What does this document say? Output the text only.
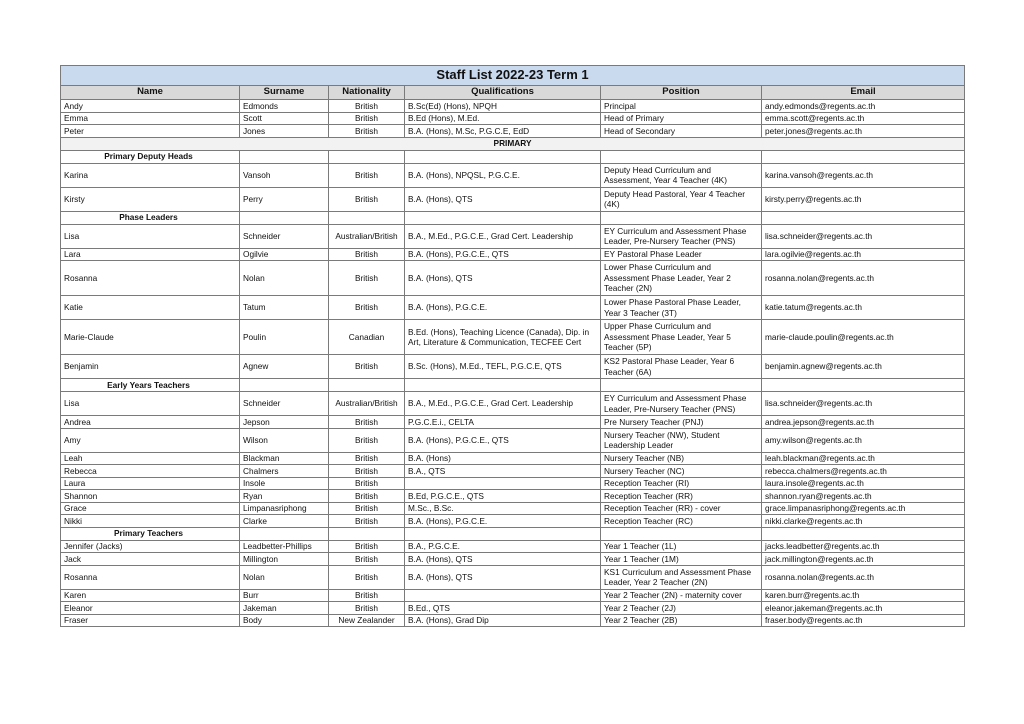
Staff List 2022-23 Term 1					
Name	Surname	Nationality	Qualifications	Position	Email
Andy	Edmonds	British	B.Sc(Ed) (Hons), NPQH	Principal	andy.edmonds@regents.ac.th
Emma	Scott	British	B.Ed (Hons), M.Ed.	Head of Primary	emma.scott@regents.ac.th
Peter	Jones	British	B.A. (Hons), M.Sc, P.G.C.E, EdD	Head of Secondary	peter.jones@regents.ac.th
PRIMARY					
Primary Deputy Heads					
Karina	Vansoh	British	B.A. (Hons), NPQSL, P.G.C.E.	Deputy Head Curriculum and Assessment, Year 4 Teacher (4K)	karina.vansoh@regents.ac.th
Kirsty	Perry	British	B.A. (Hons), QTS	Deputy Head Pastoral, Year 4 Teacher (4K)	kirsty.perry@regents.ac.th
Phase Leaders					
Lisa	Schneider	Australian/British	B.A., M.Ed., P.G.C.E., Grad Cert. Leadership	EY Curriculum and Assessment Phase Leader, Pre-Nursery Teacher (PNS)	lisa.schneider@regents.ac.th
Lara	Ogilvie	British	B.A. (Hons), P.G.C.E., QTS	EY Pastoral Phase Leader	lara.ogilvie@regents.ac.th
Rosanna	Nolan	British	B.A. (Hons), QTS	Lower Phase Curriculum and Assessment Phase Leader, Year 2 Teacher (2N)	rosanna.nolan@regents.ac.th
Katie	Tatum	British	B.A. (Hons), P.G.C.E.	Lower Phase Pastoral Phase Leader, Year 3 Teacher (3T)	katie.tatum@regents.ac.th
Marie-Claude	Poulin	Canadian	B.Ed. (Hons), Teaching Licence (Canada), Dip. in Art, Literature & Communication, TECFEE Cert	Upper Phase Curriculum and Assessment Phase Leader, Year 5 Teacher (5P)	marie-claude.poulin@regents.ac.th
Benjamin	Agnew	British	B.Sc. (Hons), M.Ed., TEFL, P.G.C.E, QTS	KS2 Pastoral Phase Leader, Year 6 Teacher (6A)	benjamin.agnew@regents.ac.th
Early Years Teachers					
Lisa	Schneider	Australian/British	B.A., M.Ed., P.G.C.E., Grad Cert. Leadership	EY Curriculum and Assessment Phase Leader, Pre-Nursery Teacher (PNS)	lisa.schneider@regents.ac.th
Andrea	Jepson	British	P.G.C.E.i., CELTA	Pre Nursery Teacher (PNJ)	andrea.jepson@regents.ac.th
Amy	Wilson	British	B.A. (Hons), P.G.C.E., QTS	Nursery Teacher (NW), Student Leadership Leader	amy.wilson@regents.ac.th
Leah	Blackman	British	B.A. (Hons)	Nursery Teacher (NB)	leah.blackman@regents.ac.th
Rebecca	Chalmers	British	B.A., QTS	Nursery Teacher (NC)	rebecca.chalmers@regents.ac.th
Laura	Insole	British		Reception Teacher (RI)	laura.insole@regents.ac.th
Shannon	Ryan	British	B.Ed, P.G.C.E., QTS	Reception Teacher (RR)	shannon.ryan@regents.ac.th
Grace	Limpanasriphong	British	M.Sc., B.Sc.	Reception Teacher (RR) - cover	grace.limpanasriphong@regents.ac.th
Nikki	Clarke	British	B.A. (Hons), P.G.C.E.	Reception Teacher (RC)	nikki.clarke@regents.ac.th
Primary Teachers					
Jennifer (Jacks)	Leadbetter-Phillips	British	B.A., P.G.C.E.	Year 1 Teacher (1L)	jacks.leadbetter@regents.ac.th
Jack	Millington	British	B.A. (Hons), QTS	Year 1 Teacher (1M)	jack.millington@regents.ac.th
Rosanna	Nolan	British	B.A. (Hons), QTS	KS1 Curriculum and Assessment Phase Leader, Year 2 Teacher (2N)	rosanna.nolan@regents.ac.th
Karen	Burr	British		Year 2 Teacher (2N) - maternity cover	karen.burr@regents.ac.th
Eleanor	Jakeman	British	B.Ed., QTS	Year 2 Teacher (2J)	eleanor.jakeman@regents.ac.th
Fraser	Body	New Zealander	B.A. (Hons), Grad Dip	Year 2 Teacher (2B)	fraser.body@regents.ac.th
